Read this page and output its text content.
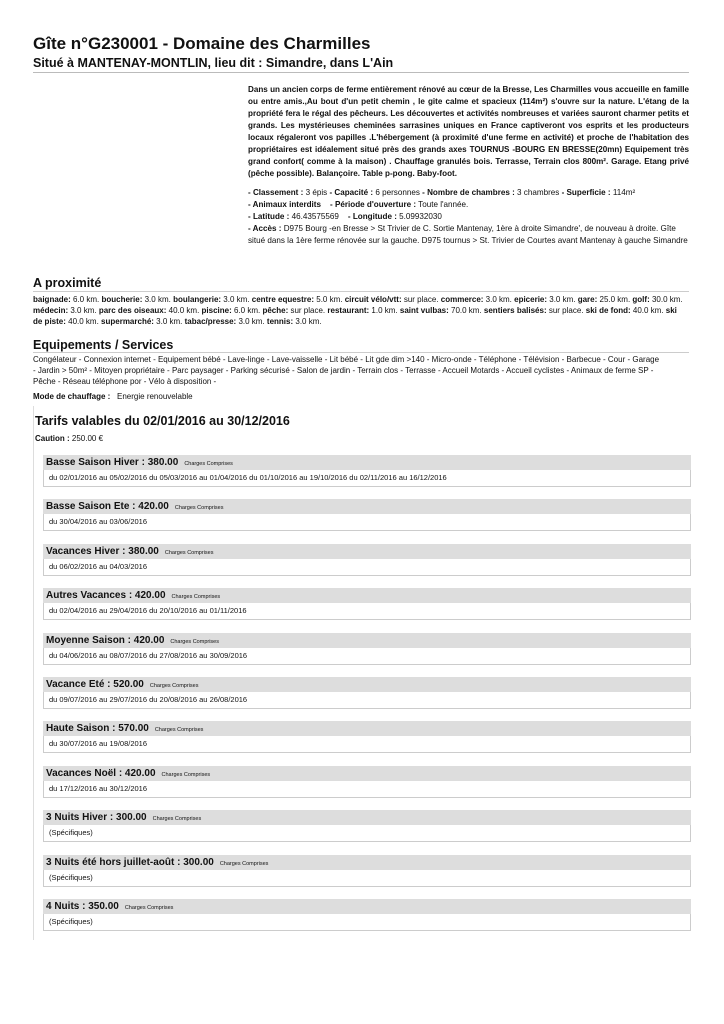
Gîte n°G230001 - Domaine des Charmilles
Situé à MANTENAY-MONTLIN, lieu dit : Simandre, dans L'Ain

Dans un ancien corps de ferme entièrement rénové au cœur de la Bresse, Les Charmilles vous accueille en famille ou entre amis.,Au bout d'un petit chemin , le gite calme et spacieux (114m²) s'ouvre sur la nature. L'étang de la propriété fera le régal des pêcheurs. Les découvertes et activités nombreuses et variées sauront charmer petits et grands. Les mystérieuses cheminées sarrasines uniques en France captiveront vos esprits et les producteurs locaux régaleront vos papilles .L'hébergement (à proximité d'une ferme en activité) et proche de l'habitation des propriétaires est idéalement situé près des grands axes TOURNUS -BOURG EN BRESSE(20mn) Equipement très grand confort( comme à la maison) . Chauffage granulés bois. Terrasse, Terrain clos 800m². Garage. Etang privé (pêche possible). Balançoire. Table p-pong. Baby-foot.

- Classement : 3 épis - Capacité : 6 personnes - Nombre de chambres : 3 chambres - Superficie : 114m²
- Animaux interdits - Période d'ouverture : Toute l'année.
- Latitude : 46.43575569 - Longitude : 5.09932030
- Accès : D975 Bourg -en Bresse > St Trivier de C. Sortie Mantenay, 1ère à droite Simandre', de nouveau à droite. Gîte situé dans la 1ère ferme rénovée sur la gauche. D975 tournus > St. Trivier de Courtes avant Mantenay à gauche Simandre
A proximité
baignade: 6.0 km. boucherie: 3.0 km. boulangerie: 3.0 km. centre equestre: 5.0 km. circuit vélo/vtt: sur place. commerce: 3.0 km. epicerie: 3.0 km. gare: 25.0 km. golf: 30.0 km. médecin: 3.0 km. parc des oiseaux: 40.0 km. piscine: 6.0 km. pêche: sur place. restaurant: 1.0 km. saint vulbas: 70.0 km. sentiers balisés: sur place. ski de fond: 40.0 km. ski de piste: 40.0 km. supermarché: 3.0 km. tabac/presse: 3.0 km. tennis: 3.0 km.
Equipements / Services
Congélateur - Connexion internet - Equipement bébé - Lave-linge - Lave-vaisselle - Lit bébé - Lit gde dim >140 - Micro-onde - Téléphone - Télévision - Barbecue - Cour - Garage - Jardin > 50m² - Mitoyen propriétaire - Parc paysager - Parking sécurisé - Salon de jardin - Terrain clos - Terrasse - Accueil Motards - Accueil cyclistes - Animaux de ferme SP - Pêche - Réseau téléphone por - Vélo à disposition -
Mode de chauffage : Energie renouvelable
Tarifs valables du 02/01/2016 au 30/12/2016
Caution : 250.00 €
Basse Saison Hiver : 380.00 Charges Comprises
du 02/01/2016 au 05/02/2016 du 05/03/2016 au 01/04/2016 du 01/10/2016 au 19/10/2016 du 02/11/2016 au 16/12/2016
Basse Saison Ete : 420.00 Charges Comprises
du 30/04/2016 au 03/06/2016
Vacances Hiver : 380.00 Charges Comprises
du 06/02/2016 au 04/03/2016
Autres Vacances : 420.00 Charges Comprises
du 02/04/2016 au 29/04/2016 du 20/10/2016 au 01/11/2016
Moyenne Saison : 420.00 Charges Comprises
du 04/06/2016 au 08/07/2016 du 27/08/2016 au 30/09/2016
Vacance Eté : 520.00 Charges Comprises
du 09/07/2016 au 29/07/2016 du 20/08/2016 au 26/08/2016
Haute Saison : 570.00 Charges Comprises
du 30/07/2016 au 19/08/2016
Vacances Noël : 420.00 Charges Comprises
du 17/12/2016 au 30/12/2016
3 Nuits Hiver : 300.00 Charges Comprises
(Spécifiques)
3 Nuits été hors juillet-août : 300.00 Charges Comprises
(Spécifiques)
4 Nuits : 350.00 Charges Comprises
(Spécifiques)
